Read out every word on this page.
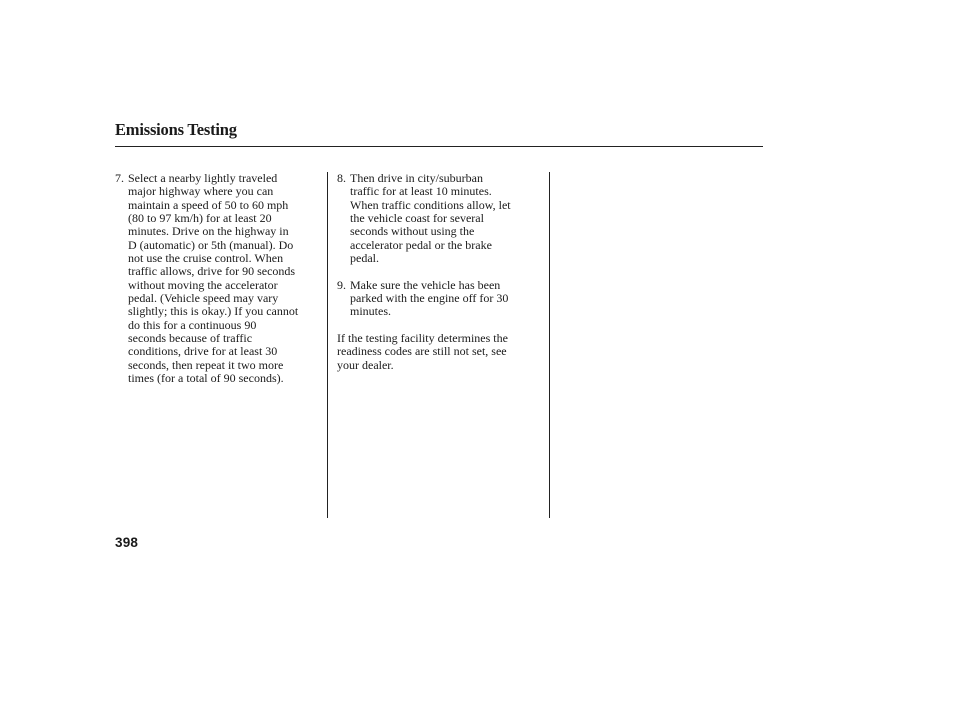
Emissions Testing
7. Select a nearby lightly traveled
major highway where you can
maintain a speed of 50 to 60 mph
(80 to 97 km/h) for at least 20
minutes. Drive on the highway in
D (automatic) or 5th (manual). Do
not use the cruise control. When
traffic allows, drive for 90 seconds
without moving the accelerator
pedal. (Vehicle speed may vary
slightly; this is okay.) If you cannot
do this for a continuous 90
seconds because of traffic
conditions, drive for at least 30
seconds, then repeat it two more
times (for a total of 90 seconds).
8. Then drive in city/suburban
traffic for at least 10 minutes.
When traffic conditions allow, let
the vehicle coast for several
seconds without using the
accelerator pedal or the brake
pedal.
9. Make sure the vehicle has been
parked with the engine off for 30
minutes.
If the testing facility determines the
readiness codes are still not set, see
your dealer.
398
